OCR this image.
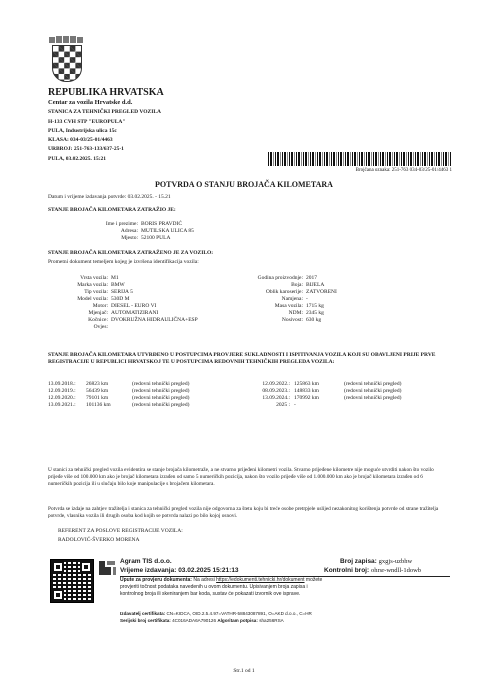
REPUBLIKA HRVATSKA
Centar za vozila Hrvatske d.d.
STANICA ZA TEHNIČKI PREGLED VOZILA
H-133 CVH STP "EUROPULA"
PULA, Industrijska ulica 15c
KLASA: 034-03/25-01/4463
URBROJ: 251-763-133/637-25-1
PULA, 03.02.2025. 15:21
Brojčana oznaka: 251-763 034-03/25-01/4463 1
POTVRDA O STANJU BROJAČA KILOMETARA
Datum i vrijeme izdavanja potvrde: 03.02.2025. - 15.21
STANJE BROJAČA KILOMETARA ZATRAŽIO JE:
Ime i prezime: BORIS PRAVDIĆ
Adresa: MUTILSKA ULICA 85
Mjesto: 52100 PULA
STANJE BROJAČA KILOMETARA ZATRAŽENO JE ZA VOZILO:
Prometni dokument temeljem kojeg je izvršena identifikacija vozila:
Vrsta vozila: M1
Marka vozila: BMW
Tip vozila: SERIJA 5
Model vozila: 530D M
Motor: DIESEL - EURO VI
Mjenjač: AUTOMATIZIRANI
Kočnice: DVOKRUŽNA HIDRAULIČNA+ESP
Ovjes:
Godina proizvodnje: 2017
Boja: BIJELA
Oblik karoserije: ZATVORENI
Namjena: -
Masa vozila: 1715 kg
NDM: 2345 kg
Nosivost: 630 kg
STANJE BROJAČA KILOMETARA UTVRĐENO U POSTUPCIMA PROVJERE SUKLADNOSTI I ISPITIVANJA VOZILA KOJI SU OBAVLJENI PRIJE PRVE REGISTRACIJE U REPUBLICI HRVATSKOJ TE U POSTUPCIMA REDOVNIH TEHNIČKIH PREGLEDA VOZILA:
13.09.2018.:	26823 km	(redovni tehnički pregled)
12.09.2019.:	56439 km	(redovni tehnički pregled)
12.09.2020.:	79101 km	(redovni tehnički pregled)
13.09.2021.:	101136 km	(redovni tehnički pregled)
12.09.2022.: 125863 km	(redovni tehnički pregled)
08.09.2023.: 148833 km	(redovni tehnički pregled)
13.09.2024.: 170992 km	(redovni tehnički pregled)
2025 : -
U stanici za tehnički pregled vozila evidentira se stanje brojača kilometraže, a ne stvarno prijeđeni kilometri vozila. Stvarno prijeđene kilometre nije moguće utvrditi nakon što vozilo prijeđe više od 100.000 km ako je brojač kilometara izrađen od samo 5 numeričkih pozicija, nakon što vozilo prijeđe više od 1.000.000 km ako je brojač kilometara izrađen od 6 numeričkih pozicija ili u slučaju bilo koje manipulacije s brojačem kilometara.
Potvrda se izdaje na zahtjev tražitelja i stanica za tehnički pregled vozila nije odgovorna za štetu koju bi treće osobe pretrpjele uslijed nezakonitog korištenja potvrde od strane tražitelja potvrde, vlasnika vozila ili drugih osoba kod kojih se potvrda nalazi po bilo kojoj osnovi.
REFERENT ZA POSLOVE REGISTRACIJE VOZILA:
RADOLOVIĆ-ŠVERKO MORENA
Agram TIS d.o.o.
Vrijeme izdavanja: 03.02.2025 15:21:13
Broj zapisa: gxgjs-uzbhw
Kontrolni broj: ohrsr-wndll-1dowb
Upute za provjeru dokumenta: Na adresi https://edokumenti.tehnicki.hr/dokument možete provjeriti točnost podataka navedenih u ovom dokumentu. Upisivanjem broja zapisa i kontrolnog broja ili skeniranjem bar koda, sustav će pokazati izvornik ove isprave.
Izdavatelj certifikata: CN=KIDCA, OID.2.5.4.97=VATHR-58843087891, O=AKD d.o.o., C=HR
Serijski broj certifikata: 4C016ADA6A790126 Algoritam potpisa: sha256RSA
Str.1 od 1
